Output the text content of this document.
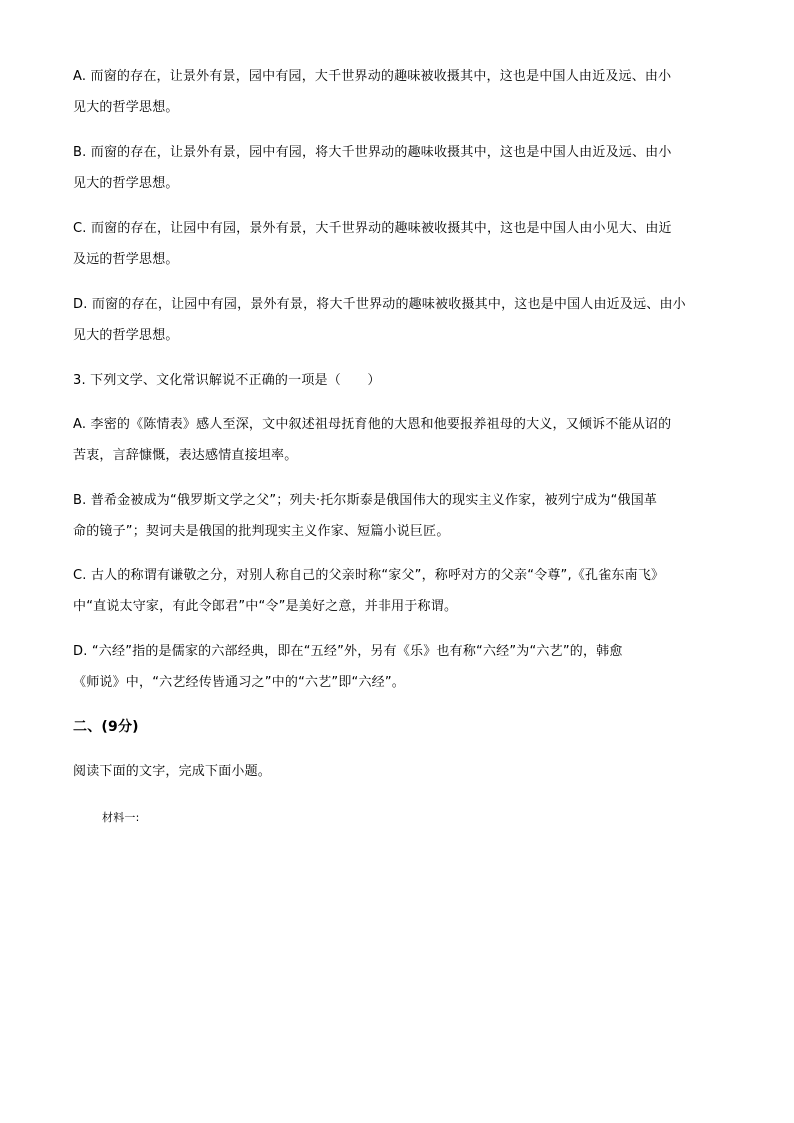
A. 而窗的存在，让景外有景，园中有园，大千世界动的趣味被收摄其中，这也是中国人由近及远、由小
见大的哲学思想。
B. 而窗的存在，让景外有景，园中有园，将大千世界动的趣味收摄其中，这也是中国人由近及远、由小
见大的哲学思想。
C. 而窗的存在，让园中有园，景外有景，大千世界动的趣味被收摄其中，这也是中国人由小见大、由近
及远的哲学思想。
D. 而窗的存在，让园中有园，景外有景，将大千世界动的趣味被收摄其中，这也是中国人由近及远、由小
见大的哲学思想。
3. 下列文学、文化常识解说不正确的一项是（　　）
A. 李密的《陈情表》感人至深，文中叙述祖母抚育他的大恩和他要报养祖母的大义，又倾诉不能从诏的
苦衷，言辞慷慨，表达感情直接坦率。
B. 普希金被成为“俄罗斯文学之父”；列夫·托尔斯泰是俄国伟大的现实主义作家，被列宁成为“俄国革
命的镜子”；契诃夫是俄国的批判现实主义作家、短篇小说巨匠。
C. 古人的称谓有谦敬之分，对别人称自己的父亲时称“家父”，称呼对方的父亲“令尊”,《孔雀东南飞》
中“直说太守家，有此令郎君”中“令”是美好之意，并非用于称谓。
D. “六经”指的是儒家的六部经典，即在“五经”外，另有《乐》也有称“六经”为“六艺”的，韩愈
《师说》中，“六艺经传皆通习之”中的“六艺”即“六经”。
二、(9分)
阅读下面的文字，完成下面小题。
材料一:
